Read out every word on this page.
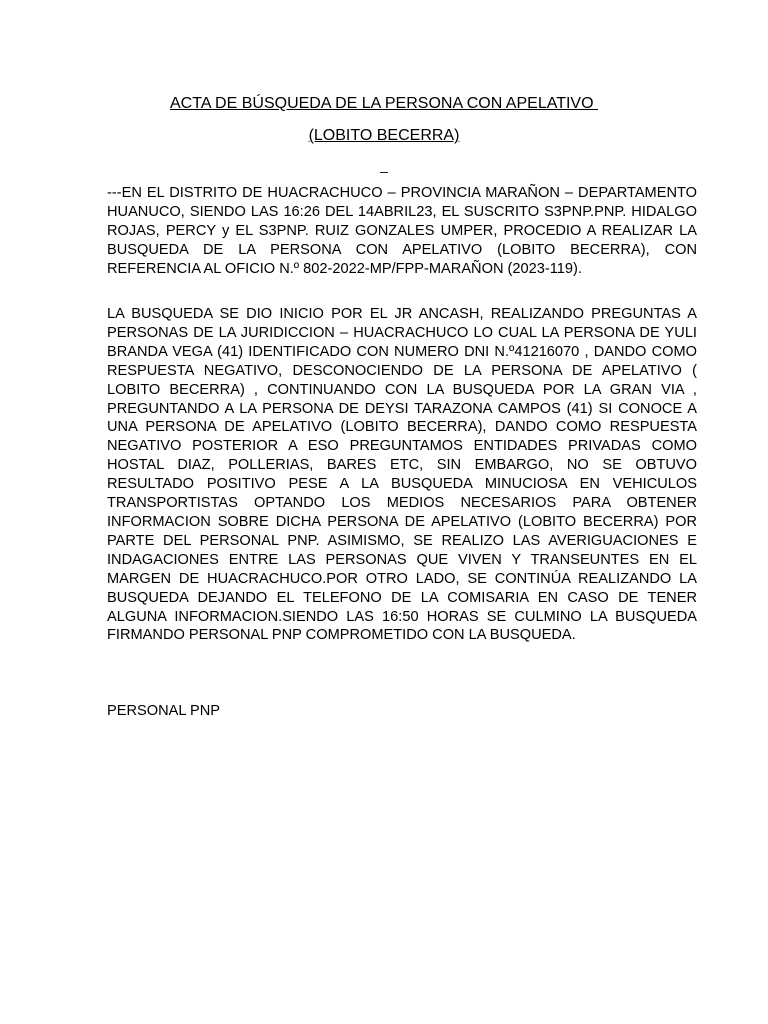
ACTA DE BÚSQUEDA DE LA PERSONA CON APELATIVO
(LOBITO BECERRA)
_

---EN EL DISTRITO DE HUACRACHUCO – PROVINCIA MARAÑON – DEPARTAMENTO HUANUCO, SIENDO LAS 16:26 DEL 14ABRIL23, EL SUSCRITO S3PNP.PNP. HIDALGO ROJAS, PERCY y EL S3PNP. RUIZ GONZALES UMPER, PROCEDIO A REALIZAR LA BUSQUEDA DE LA PERSONA CON APELATIVO (LOBITO BECERRA), CON REFERENCIA AL OFICIO N.º 802-2022-MP/FPP-MARAÑON (2023-119).

LA BUSQUEDA SE DIO INICIO POR EL JR ANCASH, REALIZANDO PREGUNTAS A PERSONAS DE LA JURIDICCION – HUACRACHUCO LO CUAL LA PERSONA DE YULI BRANDA VEGA (41) IDENTIFICADO CON NUMERO DNI N.º41216070 , DANDO COMO RESPUESTA NEGATIVO, DESCONOCIENDO DE LA PERSONA DE APELATIVO ( LOBITO BECERRA) , CONTINUANDO CON LA BUSQUEDA POR LA GRAN VIA , PREGUNTANDO A LA PERSONA DE DEYSI TARAZONA CAMPOS (41) SI CONOCE A UNA PERSONA DE APELATIVO (LOBITO BECERRA), DANDO COMO RESPUESTA NEGATIVO POSTERIOR A ESO PREGUNTAMOS ENTIDADES PRIVADAS COMO HOSTAL DIAZ, POLLERIAS, BARES ETC, SIN EMBARGO, NO SE OBTUVO RESULTADO POSITIVO PESE A LA BUSQUEDA MINUCIOSA EN VEHICULOS TRANSPORTISTAS OPTANDO LOS MEDIOS NECESARIOS PARA OBTENER INFORMACION SOBRE DICHA PERSONA DE APELATIVO (LOBITO BECERRA) POR PARTE DEL PERSONAL PNP. ASIMISMO, SE REALIZO LAS AVERIGUACIONES E INDAGACIONES ENTRE LAS PERSONAS QUE VIVEN Y TRANSEUNTES EN EL MARGEN DE HUACRACHUCO.POR OTRO LADO, SE CONTINÚA REALIZANDO LA BUSQUEDA DEJANDO EL TELEFONO DE LA COMISARIA EN CASO DE TENER ALGUNA INFORMACION.SIENDO LAS 16:50 HORAS SE CULMINO LA BUSQUEDA FIRMANDO PERSONAL PNP COMPROMETIDO CON LA BUSQUEDA.

PERSONAL PNP
